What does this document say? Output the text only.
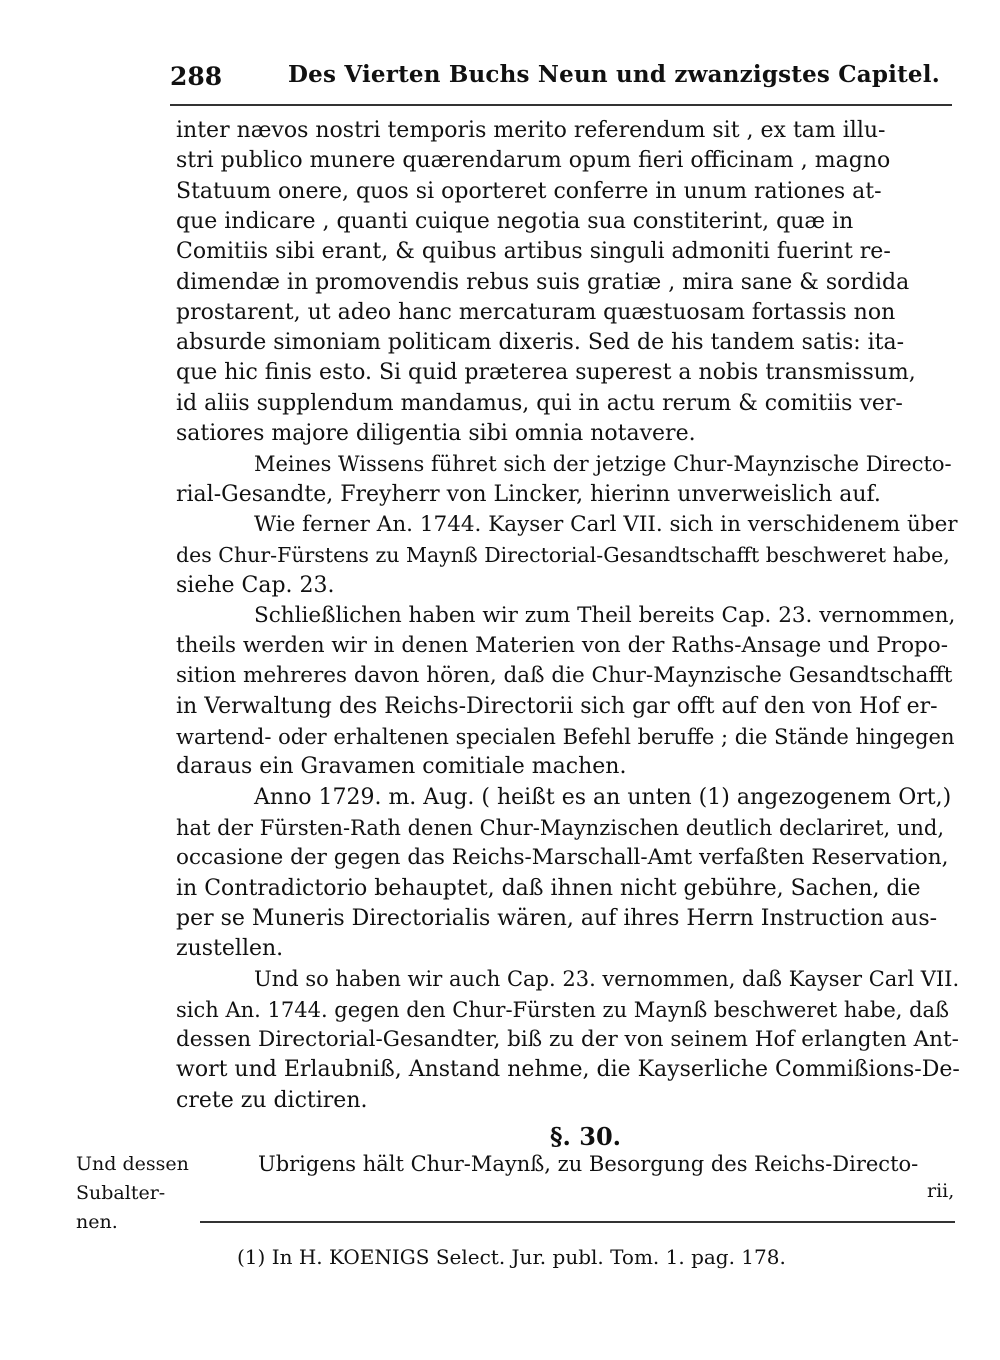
288	Des Vierten Buchs Neun und zwanzigstes Capitel.
inter nævos nostri temporis merito referendum sit , ex tam illu-
stri publico munere quærendarum opum fieri officinam , magno
Statuum onere, quos si oporteret conferre in unum rationes at-
que indicare , quanti cuique negotia sua constiterint, quæ in
Comitiis sibi erant, & quibus artibus singuli admoniti fuerint re-
dimendæ in promovendis rebus suis gratiæ , mira sane & sordida
prostarent, ut adeo hanc mercaturam quæstuosam fortassis non
absurde simoniam politicam dixeris. Sed de his tandem satis: ita-
que hic finis esto. Si quid præterea superest a nobis transmissum,
id aliis supplendum mandamus, qui in actu rerum & comitiis ver-
satiores majore diligentia sibi omnia notavere.
Meines Wissens führet sich der jetzige Chur-Maynzische Directo-
rial-Gesandte, Freyherr von Lincker, hierinn unverweislich auf.
Wie ferner An. 1744. Kayser Carl VII. sich in verschidenem über
des Chur-Fürstens zu Maynß Directorial-Gesandtschafft beschweret habe,
siehe Cap. 23.
Schließlichen haben wir zum Theil bereits Cap. 23. vernommen,
theils werden wir in denen Materien von der Raths-Ansage und Propo-
sition mehreres davon hören, daß die Chur-Maynzische Gesandtschafft
in Verwaltung des Reichs-Directorii sich gar offt auf den von Hof er-
wartend- oder erhaltenen specialen Befehl beruffe ; die Stände hingegen
daraus ein Gravamen comitiale machen.
Anno 1729. m. Aug. ( heißt es an unten (1) angezogenem Ort,)
hat der Fürsten-Rath denen Chur-Maynzischen deutlich declariret, und,
occasione der gegen das Reichs-Marschall-Amt verfaßten Reservation,
in Contradictorio behauptet, daß ihnen nicht gebühre, Sachen, die
per se Muneris Directorialis wären, auf ihres Herrn Instruction aus-
zustellen.
Und so haben wir auch Cap. 23. vernommen, daß Kayser Carl VII.
sich An. 1744. gegen den Chur-Fürsten zu Maynß beschweret habe, daß
dessen Directorial-Gesandter, biß zu der von seinem Hof erlangten Ant-
wort und Erlaubniß, Anstand nehme, die Kayserliche Commißions-De-
crete zu dictiren.
§. 30.
Und dessen
Subalter-
nen.
Ubrigens hält Chur-Maynß, zu Besorgung des Reichs-Directo-
rii,
(1) In H. KOENIGS Select. Jur. publ. Tom. 1. pag. 178.
